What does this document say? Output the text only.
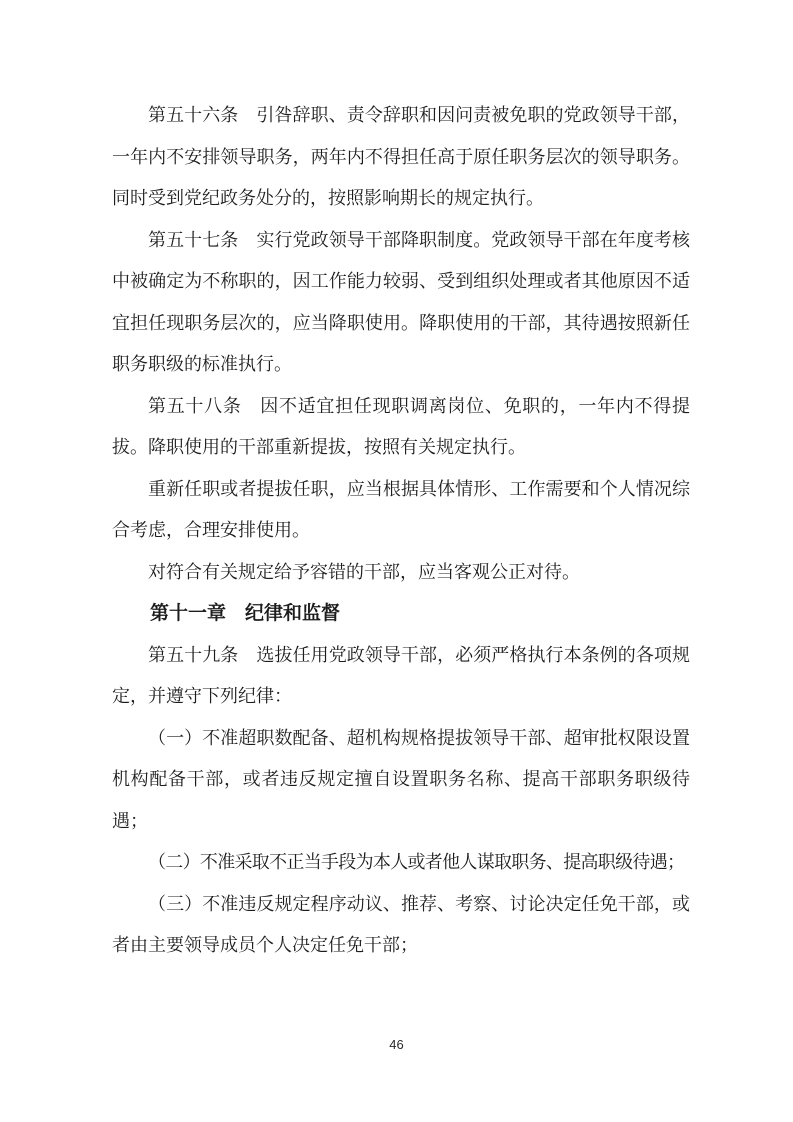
第五十六条　引咎辞职、责令辞职和因问责被免职的党政领导干部，一年内不安排领导职务，两年内不得担任高于原任职务层次的领导职务。同时受到党纪政务处分的，按照影响期长的规定执行。

第五十七条　实行党政领导干部降职制度。党政领导干部在年度考核中被确定为不称职的，因工作能力较弱、受到组织处理或者其他原因不适宜担任现职务层次的，应当降职使用。降职使用的干部，其待遇按照新任职务职级的标准执行。

第五十八条　因不适宜担任现职调离岗位、免职的，一年内不得提拔。降职使用的干部重新提拔，按照有关规定执行。

重新任职或者提拔任职，应当根据具体情形、工作需要和个人情况综合考虑，合理安排使用。

对符合有关规定给予容错的干部，应当客观公正对待。

第十一章　纪律和监督

第五十九条　选拔任用党政领导干部，必须严格执行本条例的各项规定，并遵守下列纪律：

（一）不准超职数配备、超机构规格提拔领导干部、超审批权限设置机构配备干部，或者违反规定擅自设置职务名称、提高干部职务职级待遇；

（二）不准采取不正当手段为本人或者他人谋取职务、提高职级待遇；

（三）不准违反规定程序动议、推荐、考察、讨论决定任免干部，或者由主要领导成员个人决定任免干部；

46
